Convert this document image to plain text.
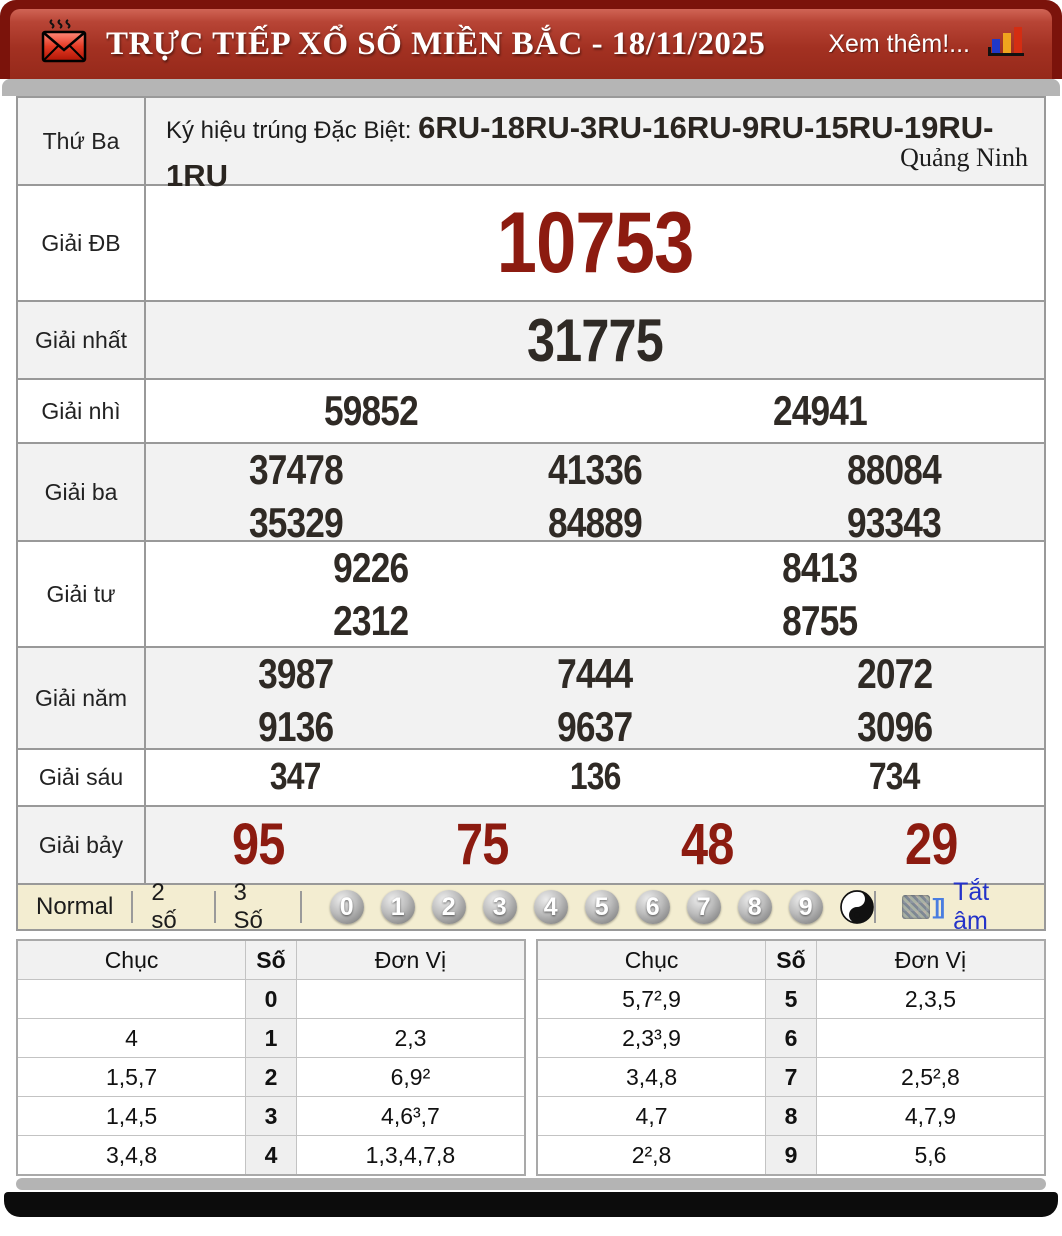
TRỰC TIẾP XỔ SỐ MIỀN BẮC - 18/11/2025	Xem thêm!...
Thứ Ba	Ký hiệu trúng Đặc Biệt: 6RU-18RU-3RU-16RU-9RU-15RU-19RU-1RU
Quảng Ninh
Giải ĐB	10753
Giải nhất	31775
Giải nhì	59852	24941
Giải ba	37478	41336	88084
35329	84889	93343
Giải tư
9226	8413
2312	8755
Giải năm
3987	7444	2072
9136	9637	3096
Giải sáu	347	136	734
Giải bảy	95	75	48	29
Normal
2 số
3 Số	0	1	2	3	4	5	6	7	8	9	]]
Tắt âm
Chục	Số	Đơn Vị
	0	
4	1	2,3
1,5,7	2	6,9²
1,4,5	3	4,6³,7
3,4,8	4	1,3,4,7,8
Chục	Số	Đơn Vị
5,7²,9	5	2,3,5
2,3³,9	6	
3,4,8	7	2,5²,8
4,7	8	4,7,9
2²,8	9	5,6
